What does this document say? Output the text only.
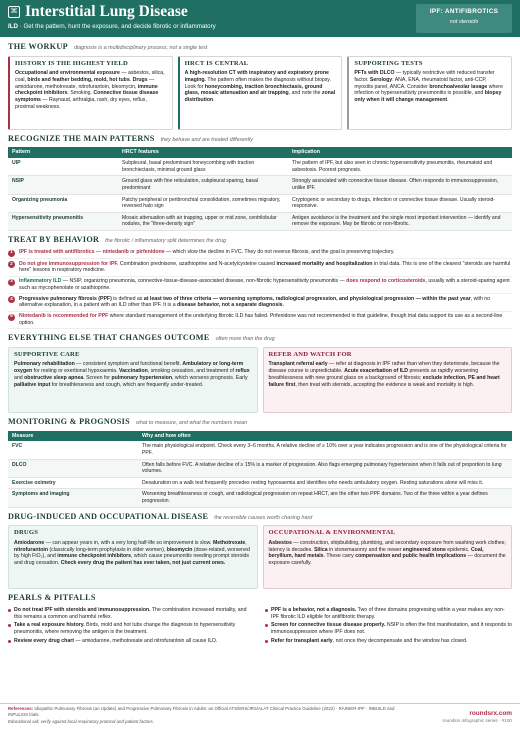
⌘ Interstitial Lung Disease
ILD · Get the pattern, hunt the exposure, and decide fibrotic or inflammatory
IPF: ANTIFIBROTICS
not steroids
THE WORKUP diagnosis is a multidisciplinary process, not a single test
HISTORY IS THE HIGHEST YIELD
Occupational and environmental exposure — asbestos, silica, coal, birds and feather bedding, mold, hot tubs. Drugs — amiodarone, methotrexate, nitrofurantoin, bleomycin, immune checkpoint inhibitors. Smoking. Connective tissue disease symptoms — Raynaud, arthralgia, rash, dry eyes, reflux, proximal weakness.
HRCT IS CENTRAL
A high-resolution CT with inspiratory and expiratory prone imaging. The pattern often makes the diagnosis without biopsy. Look for honeycombing, traction bronchiectasis, ground glass, mosaic attenuation and air trapping, and note the zonal distribution.
SUPPORTING TESTS
PFTs with DLCO — typically restrictive with reduced transfer factor. Serology: ANA, ENA, rheumatoid factor, anti-CCP, myositis panel, ANCA. Consider bronchoalveolar lavage where infection or hypersensitivity pneumonitis is possible, and biopsy only when it will change management.
RECOGNIZE THE MAIN PATTERNS they behave and are treated differently
Pattern	HRCT features	Implication
UIP	Subpleural, basal predominant honeycombing with traction bronchiectasis, minimal ground glass	The pattern of IPF, but also seen in chronic hypersensitivity pneumonitis, rheumatoid and asbestosis. Poorest prognosis.
NSIP	Ground glass with fine reticulation, subpleural sparing, basal predominant	Strongly associated with connective tissue disease. Often responds to immunosuppression, unlike IPF.
Organizing pneumonia	Patchy peripheral or peribronchial consolidation, sometimes migratory, reversed halo sign	Cryptogenic or secondary to drugs, infection or connective tissue disease. Usually steroid-responsive.
Hypersensitivity pneumonitis	Mosaic attenuation with air trapping, upper or mid zone, centrilobular nodules, the "three-density sign"	Antigen avoidance is the treatment and the single most important intervention — identify and remove the exposure. May be fibrotic or non-fibrotic.
TREAT BY BEHAVIOR the fibrotic / inflammatory split determines the drug
1	IPF is treated with antifibrotics — nintedanib or pirfenidone — which slow the decline in FVC. They do not reverse fibrosis, and the goal is preserving trajectory.
2	Do not give immunosuppression for IPF. Combination prednisone, azathioprine and N-acetylcysteine caused increased mortality and hospitalization in trial data. This is one of the clearest "steroids are harmful here" lessons in respiratory medicine.
3	Inflammatory ILD — NSIP, organizing pneumonia, connective-tissue-disease-associated disease, non-fibrotic hypersensitivity pneumonitis — does respond to corticosteroids, usually with a steroid-sparing agent such as mycophenolate or azathioprine.
4	Progressive pulmonary fibrosis (PPF) is defined as at least two of three criteria — worsening symptoms, radiological progression, and physiological progression — within the past year, with no alternative explanation, in a patient with an ILD other than IPF. It is a disease behavior, not a separate diagnosis.
5	Nintedanib is recommended for PPF where standard management of the underlying fibrotic ILD has failed. Pirfenidone was not recommended in that guideline, though trial data support its use as a second-line option.
EVERYTHING ELSE THAT CHANGES OUTCOME often more than the drug
SUPPORTIVE CARE
Pulmonary rehabilitation — consistent symptom and functional benefit. Ambulatory or long-term oxygen for resting or exertional hypoxaemia. Vaccination, smoking cessation, and treatment of reflux and obstructive sleep apnea. Screen for pulmonary hypertension, which worsens prognosis. Early palliative input for breathlessness and cough, which are frequently under-treated.
REFER AND WATCH FOR
Transplant referral early — refer at diagnosis in IPF rather than when they deteriorate, because the disease course is unpredictable. Acute exacerbation of ILD presents as rapidly worsening breathlessness with new ground glass on a background of fibrosis; exclude infection, PE and heart failure first, then treat with steroids, accepting the evidence is weak and mortality is high.
MONITORING & PROGNOSIS what to measure, and what the numbers mean
Measure	Why and how often
FVC	The main physiological endpoint. Check every 3–6 months. A relative decline of ≥ 10% over a year indicates progression and is one of the physiological criteria for PPF.
DLCO	Often falls before FVC. A relative decline of ≥ 15% is a marker of progression. Also flags emerging pulmonary hypertension when it falls out of proportion to lung volumes.
Exercise oximetry	Desaturation on a walk test frequently precedes resting hypoxaemia and identifies who needs ambulatory oxygen. Resting saturations alone will miss it.
Symptoms and imaging	Worsening breathlessness or cough, and radiological progression on repeat HRCT, are the other two PPF domains. Two of the three within a year defines progression.
DRUG-INDUCED AND OCCUPATIONAL DISEASE the reversible causes worth chasing hard
DRUGS
Amiodarone — can appear years in, with a very long half-life so improvement is slow. Methotrexate, nitrofurantoin (classically long-term prophylaxis in older women), bleomycin (dose-related, worsened by high FiO₂), and immune checkpoint inhibitors, which cause pneumonitis needing prompt steroids and drug cessation. Check every drug the patient has ever taken, not just current ones.
OCCUPATIONAL & ENVIRONMENTAL
Asbestos — construction, shipbuilding, plumbing, and secondary exposure from washing work clothes; latency is decades. Silica in stonemasonry and the newer engineered stone epidemic. Coal, beryllium, hard metals. These carry compensation and public health implications — document the exposure carefully.
PEARLS & PITFALLS
Do not treat IPF with steroids and immunosuppression. The combination increased mortality, and this remains a common and harmful reflex.
Take a real exposure history. Birds, mold and hot tubs change the diagnosis to hypersensitivity pneumonitis, where removing the antigen is the treatment.
Review every drug chart — amiodarone, methotrexate and nitrofurantoin all cause ILD.
PPF is a behavior, not a diagnosis. Two of three domains progressing within a year makes any non-IPF fibrotic ILD eligible for antifibrotic therapy.
Screen for connective tissue disease properly. NSIP is often the first manifestation, and it responds to immunosuppression where IPF does not.
Refer for transplant early, not once they decompensate and the window has closed.
References: Idiopathic Pulmonary Fibrosis (an Update) and Progressive Pulmonary Fibrosis in Adults: an Official ATS/ERS/JRS/ALAT Clinical Practice Guideline (2022) · RAINIER-IPF · INBUILD and INPULSIS trials.
Educational aid; verify against local respiratory protocol and patient factors.
roundsrx.com
roundsrx infographic series · #100
